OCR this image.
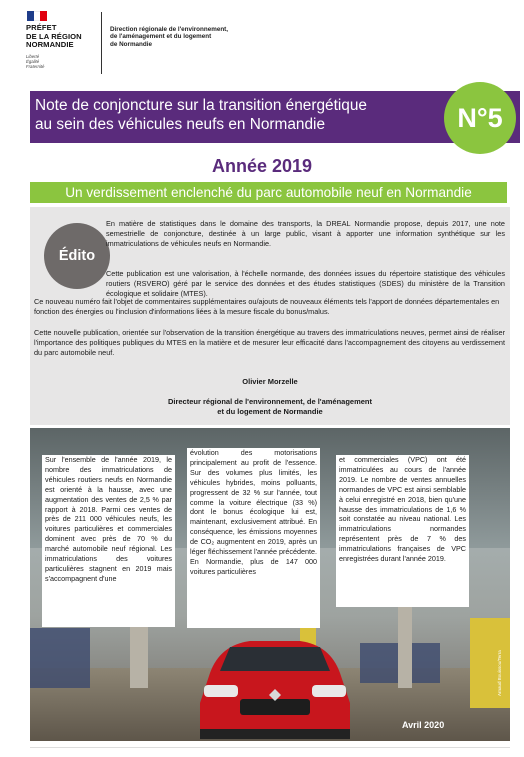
PRÉFET
DE LA RÉGION
NORMANDIE
Liberté
Égalité
Fraternité
Direction régionale de l'environnement,
de l'aménagement et du logement
de Normandie
Note de conjoncture sur la transition énergétique
au sein des véhicules neufs en Normandie	N°5
Année 2019
Un verdissement enclenché du parc automobile neuf en Normandie
Édito

En matière de statistiques dans le domaine des transports, la DREAL Normandie propose, depuis 2017, une note semestrielle de conjoncture, destinée à un large public, visant à apporter une information synthétique sur les immatriculations de véhicules neufs en Normandie.

Cette publication est une valorisation, à l'échelle normande, des données issues du répertoire statistique des véhicules routiers (RSVERO) géré par le service des données et des études statistiques (SDES) du ministère de la Transition écologique et solidaire (MTES).

Ce nouveau numéro fait l'objet de commentaires supplémentaires ou/ajouts de nouveaux éléments tels l'apport de données départementales en fonction des énergies ou l'inclusion d'informations liées à la mesure fiscale du bonus/malus.

Cette nouvelle publication, orientée sur l'observation de la transition énergétique au travers des immatriculations neuves, permet ainsi de réaliser l'importance des politiques publiques du MTES en la matière et de mesurer leur efficacité dans l'accompagnement des citoyens au verdissement du parc automobile neuf.

Olivier Morzelle
Directeur régional de l'environnement, de l'aménagement
et du logement de Normandie
Sur l'ensemble de l'année 2019, le nombre des immatriculations de véhicules routiers neufs en Normandie est orienté à la hausse, avec une augmentation des ventes de 2,5 % par rapport à 2018. Parmi ces ventes de près de 211 000 véhicules neufs, les voitures particulières et commerciales dominent avec près de 70 % du marché automobile neuf régional. Les immatriculations des voitures particulières stagnent en 2019 mais s'accompagnent d'une
évolution des motorisations principalement au profit de l'essence. Sur des volumes plus limités, les véhicules hybrides, moins polluants, progressent de 32 % sur l'année, tout comme la voiture électrique (33 %) dont le bonus écologique lui est, maintenant, exclusivement attribué. En conséquence, les émissions moyennes de CO₂ augmentent en 2019, après un léger fléchissement l'année précédente. En Normandie, plus de 147 000 voitures particulières
et commerciales (VPC) ont été immatriculées au cours de l'année 2019. Le nombre de ventes annuelles normandes de VPC est ainsi semblable à celui enregistré en 2018, bien qu'une hausse des immatriculations de 1,6 % soit constatée au niveau national. Les immatriculations normandes représentent près de 7 % des immatriculations françaises de VPC enregistrées durant l'année 2019.
Avril 2020
Arnaud Bouissou/Terra
